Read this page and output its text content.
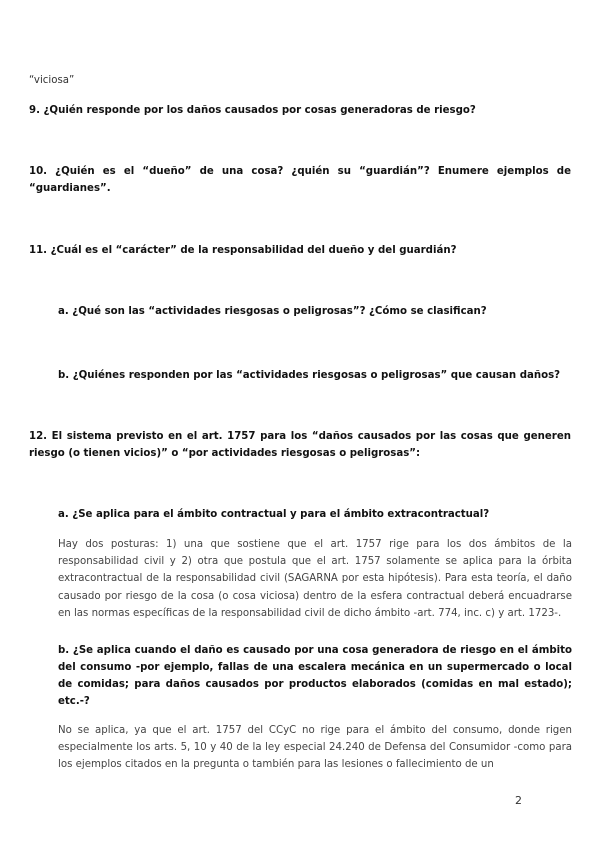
“viciosa”

9. ¿Quién responde por los daños causados por cosas generadoras de riesgo?

10. ¿Quién es el “dueño” de una cosa? ¿quién su “guardián”? Enumere ejemplos de “guardianes”.

11. ¿Cuál es el “carácter” de la responsabilidad del dueño y del guardián?

a. ¿Qué son las “actividades riesgosas o peligrosas”? ¿Cómo se clasifican?

b. ¿Quiénes responden por las “actividades riesgosas o peligrosas” que causan daños?

12. El sistema previsto en el art. 1757 para los “daños causados por las cosas que generen riesgo (o tienen vicios)” o “por actividades riesgosas o peligrosas”:

a. ¿Se aplica para el ámbito contractual y para el ámbito extracontractual?

Hay dos posturas: 1) una que sostiene que el art. 1757 rige para los dos ámbitos de la responsabilidad civil y 2) otra que postula que el art. 1757 solamente se aplica para la órbita extracontractual de la responsabilidad civil (SAGARNA por esta hipótesis). Para esta teoría, el daño causado por riesgo de la cosa (o cosa viciosa) dentro de la esfera contractual deberá encuadrarse en las normas específicas de la responsabilidad civil de dicho ámbito -art. 774, inc. c) y art. 1723-.

b. ¿Se aplica cuando el daño es causado por una cosa generadora de riesgo en el ámbito del consumo -por ejemplo, fallas de una escalera mecánica en un supermercado o local de comidas; para daños causados por productos elaborados (comidas en mal estado); etc.-?

No se aplica, ya que el art. 1757 del CCyC no rige para el ámbito del consumo, donde rigen especialmente los arts. 5, 10 y 40 de la ley especial 24.240 de Defensa del Consumidor -como para los ejemplos citados en la pregunta o también para las lesiones o fallecimiento de un

2
